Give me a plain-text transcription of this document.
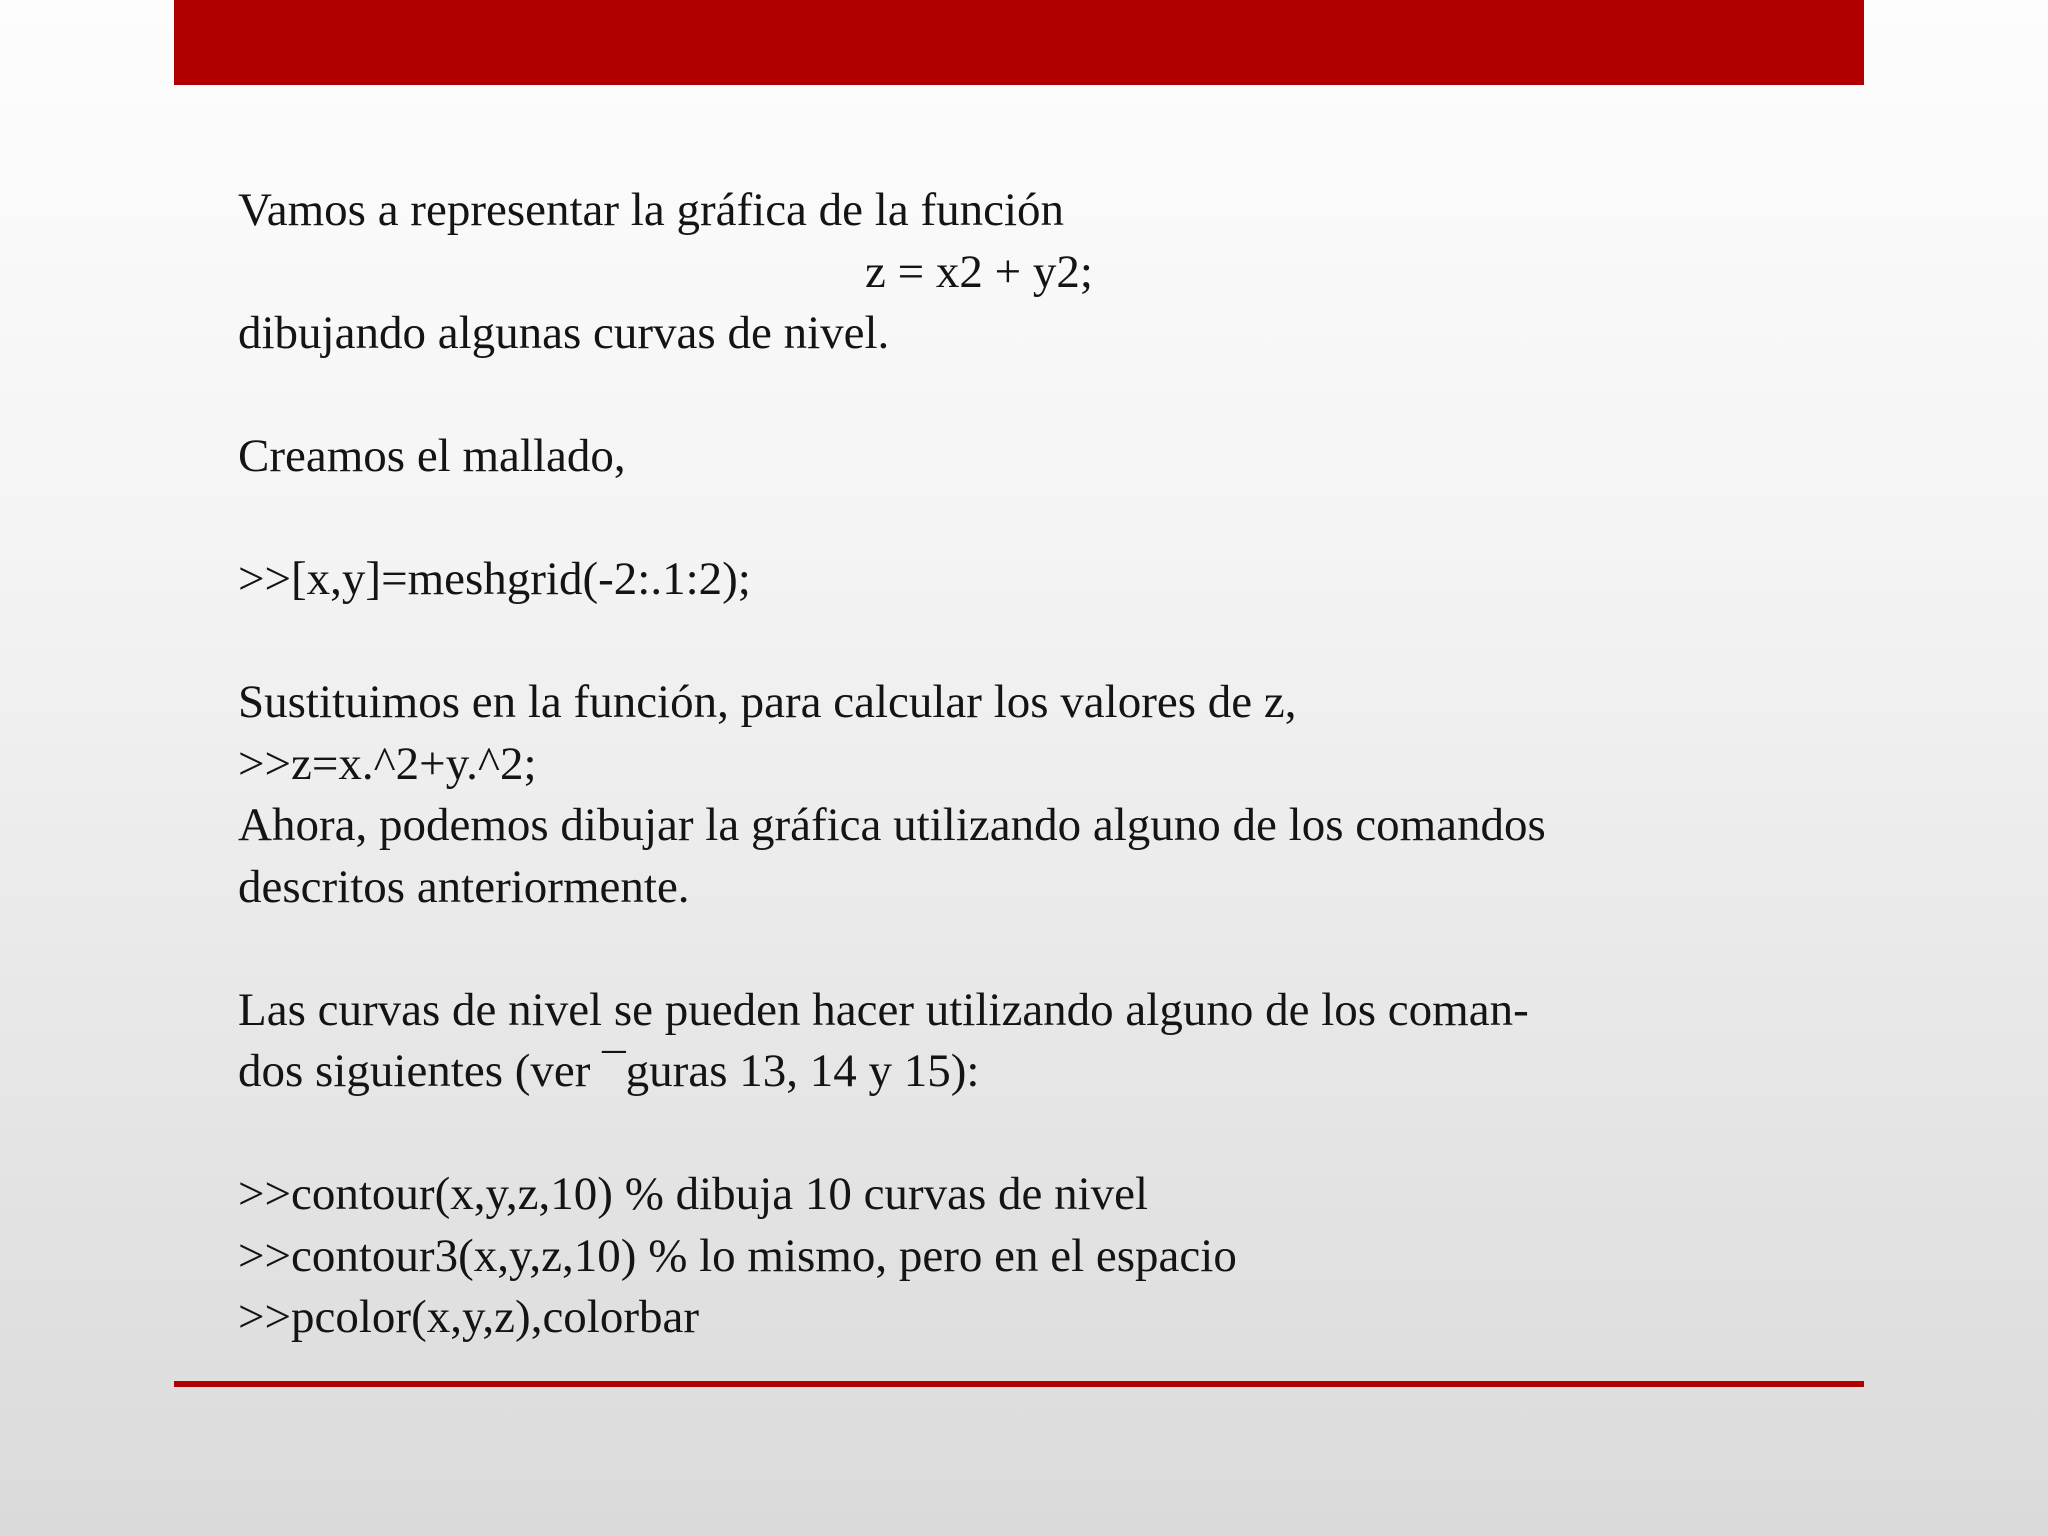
Vamos a representar la gráfica de la función
z = x2 + y2;
dibujando algunas curvas de nivel.
Creamos el mallado,
>>[x,y]=meshgrid(-2:.1:2);
Sustituimos en la función, para calcular los valores de z,
>>z=x.^2+y.^2;
Ahora, podemos dibujar la gráfica utilizando alguno de los comandos
descritos anteriormente.
Las curvas de nivel se pueden hacer utilizando alguno de los coman-
dos siguientes (ver ¯guras 13, 14 y 15):
>>contour(x,y,z,10) % dibuja 10 curvas de nivel
>>contour3(x,y,z,10) % lo mismo, pero en el espacio
>>pcolor(x,y,z),colorbar
